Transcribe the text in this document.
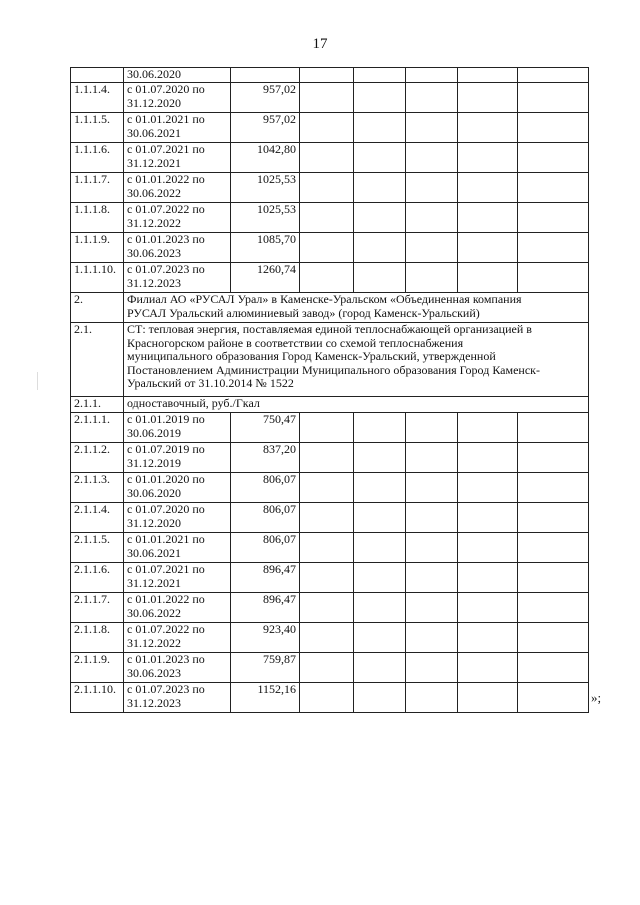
17

	30.06.2020						

1.1.1.4.	с 01.07.2020 по
31.12.2020	957,02					
1.1.1.5.	с 01.01.2021 по
30.06.2021	957,02					
1.1.1.6.	с 01.07.2021 по
31.12.2021	1042,80					
1.1.1.7.	с 01.01.2022 по
30.06.2022	1025,53					
1.1.1.8.	с 01.07.2022 по
31.12.2022	1025,53					
1.1.1.9.	с 01.01.2023 по
30.06.2023	1085,70					
1.1.1.10.	с 01.07.2023 по
31.12.2023	1260,74					
2.	Филиал АО «РУСАЛ Урал» в Каменске-Уральском «Объединенная компания
РУСАЛ Уральский алюминиевый завод» (город Каменск-Уральский)						

2.1.	СТ: тепловая энергия, поставляемая единой теплоснабжающей организацией в
Красногорском районе в соответствии со схемой теплоснабжения
муниципального образования Город Каменск-Уральский, утвержденной
Постановлением Администрации Муниципального образования Город Каменск-
Уральский от 31.10.2014 № 1522						

2.1.1.	одноставочный, руб./Гкал						

2.1.1.1.	с 01.01.2019 по
30.06.2019	750,47					
2.1.1.2.	с 01.07.2019 по
31.12.2019	837,20					
2.1.1.3.	с 01.01.2020 по
30.06.2020	806,07					
2.1.1.4.	с 01.07.2020 по
31.12.2020	806,07					
2.1.1.5.	с 01.01.2021 по
30.06.2021	806,07					
2.1.1.6.	с 01.07.2021 по
31.12.2021	896,47					
2.1.1.7.	с 01.01.2022 по
30.06.2022	896,47					
2.1.1.8.	с 01.07.2022 по
31.12.2022	923,40					
2.1.1.9.	с 01.01.2023 по
30.06.2023	759,87					
2.1.1.10.	с 01.07.2023 по
31.12.2023	1152,16					
»;
